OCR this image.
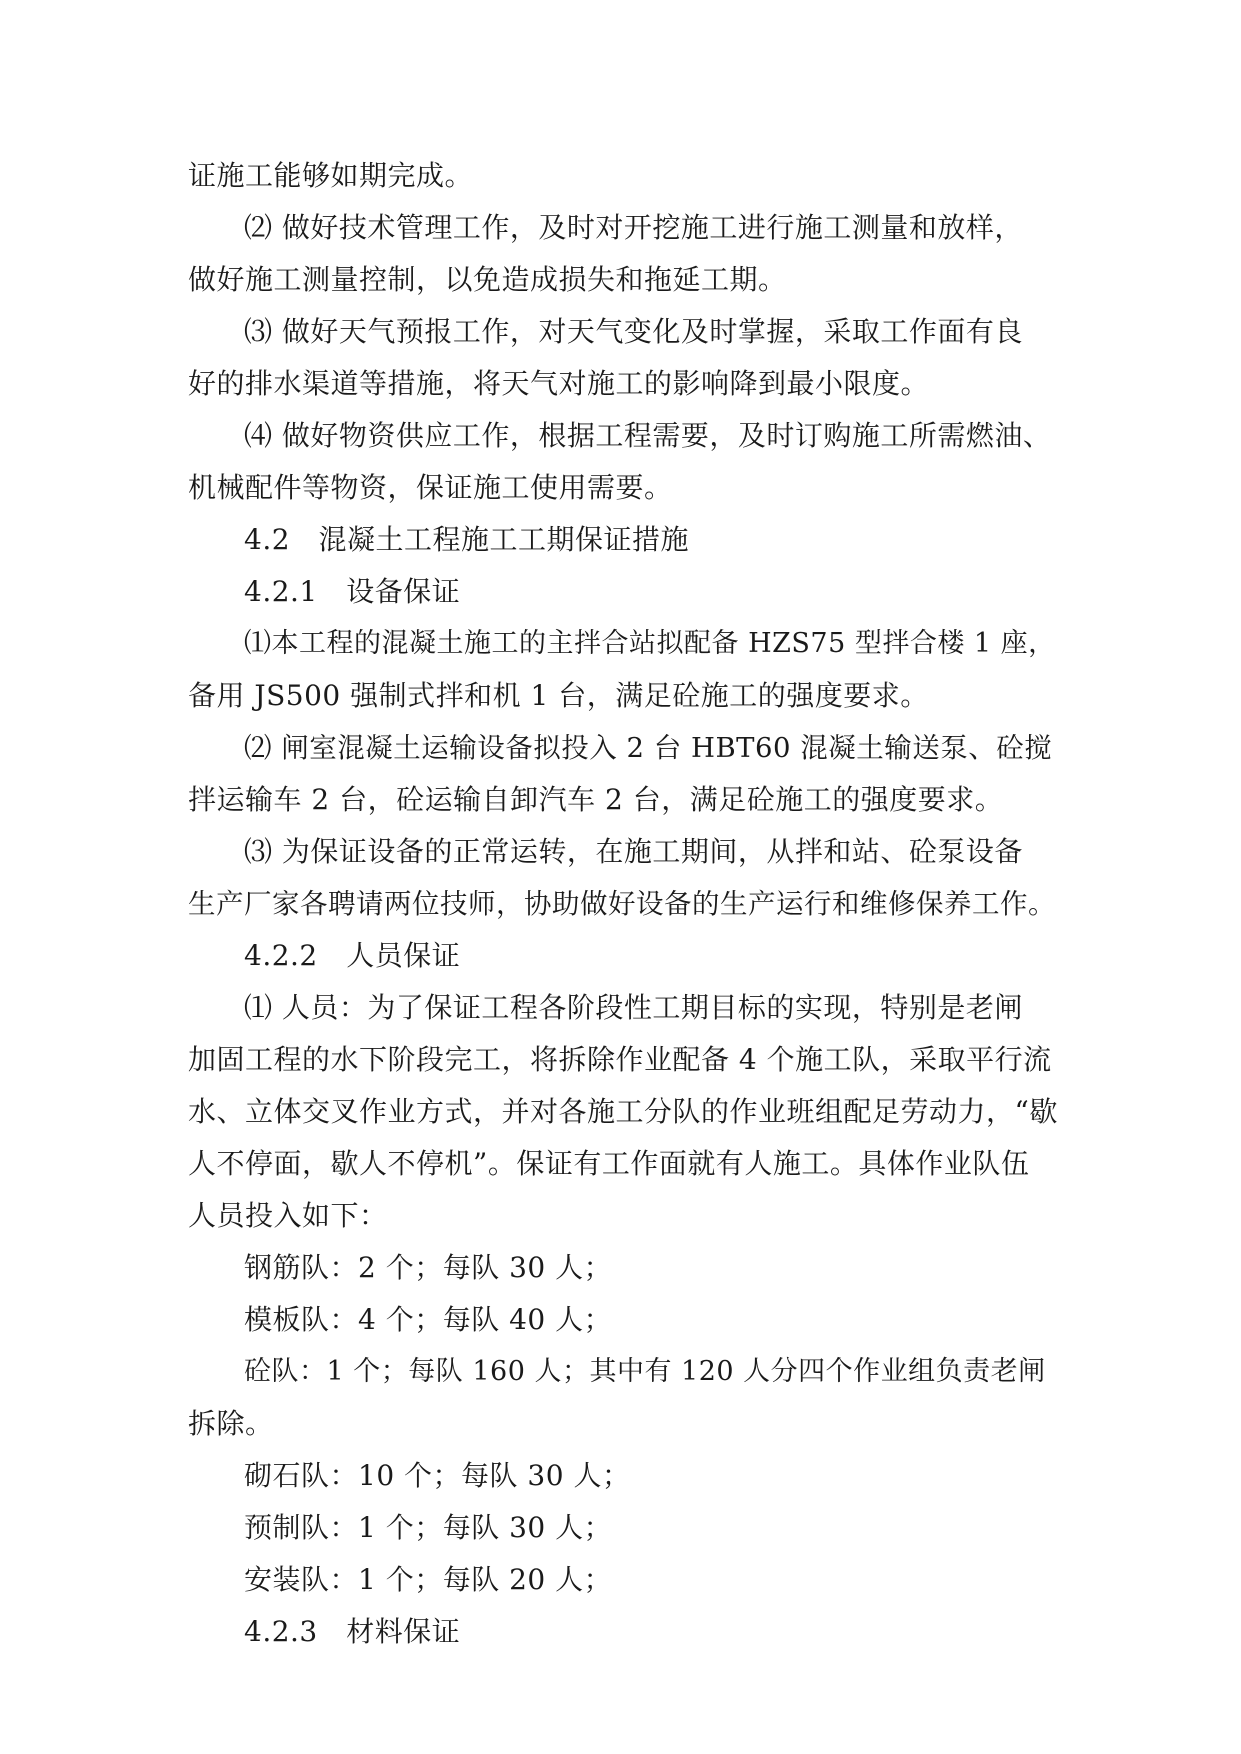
证施工能够如期完成。
⑵ 做好技术管理工作，及时对开挖施工进行施工测量和放样，
做好施工测量控制，以免造成损失和拖延工期。
⑶ 做好天气预报工作，对天气变化及时掌握，采取工作面有良
好的排水渠道等措施，将天气对施工的影响降到最小限度。
⑷ 做好物资供应工作，根据工程需要，及时订购施工所需燃油、
机械配件等物资，保证施工使用需要。
4.2　混凝土工程施工工期保证措施
4.2.1　设备保证
⑴本工程的混凝土施工的主拌合站拟配备 HZS75 型拌合楼 1 座，
备用 JS500 强制式拌和机 1 台，满足砼施工的强度要求。
⑵ 闸室混凝土运输设备拟投入 2 台 HBT60 混凝土输送泵、砼搅
拌运输车 2 台，砼运输自卸汽车 2 台，满足砼施工的强度要求。
⑶ 为保证设备的正常运转，在施工期间，从拌和站、砼泵设备
生产厂家各聘请两位技师，协助做好设备的生产运行和维修保养工作。
4.2.2　人员保证
⑴ 人员：为了保证工程各阶段性工期目标的实现，特别是老闸
加固工程的水下阶段完工，将拆除作业配备 4 个施工队，采取平行流
水、立体交叉作业方式，并对各施工分队的作业班组配足劳动力，“歇
人不停面，歇人不停机”。保证有工作面就有人施工。具体作业队伍
人员投入如下：
钢筋队：2 个；每队 30 人；
模板队：4 个；每队 40 人；
砼队：1 个；每队 160 人；其中有 120 人分四个作业组负责老闸
拆除。
砌石队：10 个；每队 30 人；
预制队：1 个；每队 30 人；
安装队：1 个；每队 20 人；
4.2.3　材料保证
